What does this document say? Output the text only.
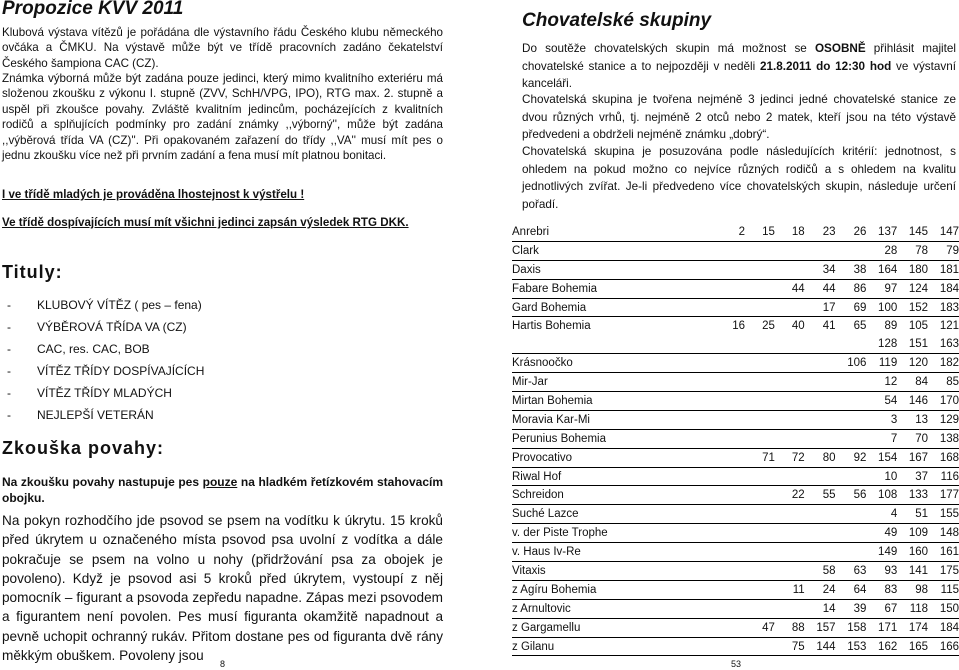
Propozice KVV 2011

Klubová výstava vítězů je pořádána dle výstavního řádu Českého klubu německého ovčáka a ČMKU. Na výstavě může být ve třídě pracovních zadáno čekatelství Českého šampiona CAC (CZ).

Známka výborná může být zadána pouze jedinci, který mimo kvalitního exteriéru má složenou zkoušku z výkonu I. stupně (ZVV, SchH/VPG, IPO), RTG max. 2. stupně a uspěl při zkoušce povahy. Zvláště kvalitním jedincům, pocházejících z kvalitních rodičů a splňujících podmínky pro zadání známky ,,výborný'', může být zadána ,,výběrová třída VA (CZ)''. Při opakovaném zařazení do třídy ,,VA'' musí mít pes o jednu zkoušku více než při prvním zadání a fena musí mít platnou bonitaci.

I ve třídě mladých je prováděna lhostejnost k výstřelu !

Ve třídě dospívajících musí mít všichni jedinci zapsán výsledek RTG DKK.

Tituly:
-	KLUBOVÝ VÍTĚZ ( pes – fena)
-	VÝBĚROVÁ TŘÍDA VA (CZ)
-	CAC, res. CAC, BOB
-	VÍTĚZ TŘÍDY DOSPÍVAJÍCÍCH
-	VÍTĚZ TŘÍDY MLADÝCH
-	NEJLEPŠÍ VETERÁN
Zkouška povahy:

Na zkoušku povahy nastupuje pes pouze na hladkém řetízkovém stahovacím obojku.

Na pokyn rozhodčího jde psovod se psem na vodítku k úkrytu. 15 kroků před úkrytem u označeného místa psovod psa uvolní z vodítka a dále pokračuje se psem na volno u nohy (přidržování psa za obojek je povoleno). Když je psovod asi 5 kroků před úkrytem, vystoupí z něj pomocník – figurant a psovoda zepředu napadne. Zápas mezi psovodem a figurantem není povolen. Pes musí figuranta okamžitě napadnout a pevně uchopit ochranný rukáv. Přitom dostane pes od figuranta dvě rány měkkým obuškem. Povoleny jsou

8
Chovatelské skupiny

Do soutěže chovatelských skupin má možnost se OSOBNĚ přihlásit majitel chovatelské stanice a to nejpozději v neděli 21.8.2011 do 12:30 hod ve výstavní kanceláři.

Chovatelská skupina je tvořena nejméně 3 jedinci jedné chovatelské stanice ze dvou různých vrhů, tj. nejméně 2 otců nebo 2 matek, kteří jsou na této výstavě předvedeni a obdrželi nejméně známku „dobrý“.

Chovatelská skupina je posuzována podle následujících kritérií: jednotnost, s ohledem na pokud možno co nejvíce různých rodičů a s ohledem na kvalitu jednotlivých zvířat. Je-li předvedeno více chovatelských skupin, následuje určení pořadí.

Anrebri		2	15	18	23	26	137	145	147
Clark							28	78	79
Daxis					34	38	164	180	181
Fabare Bohemia				44	44	86	97	124	184
Gard Bohemia					17	69	100	152	183
Hartis Bohemia		16	25	40	41	65	89	105	121
							128	151	163
Krásnoočko						106	119	120	182
Mir-Jar							12	84	85
Mirtan Bohemia							54	146	170
Moravia Kar-Mi							3	13	129
Perunius Bohemia							7	70	138
Provocativo			71	72	80	92	154	167	168
Riwal Hof							10	37	116
Schreidon				22	55	56	108	133	177
Suché Lazce							4	51	155
v. der Piste Trophe							49	109	148
v. Haus Iv-Re							149	160	161
Vitaxis					58	63	93	141	175
z Agíru Bohemia				11	24	64	83	98	115
z Arnultovic					14	39	67	118	150
z Gargamellu			47	88	157	158	171	174	184
z Gilanu				75	144	153	162	165	166
53
